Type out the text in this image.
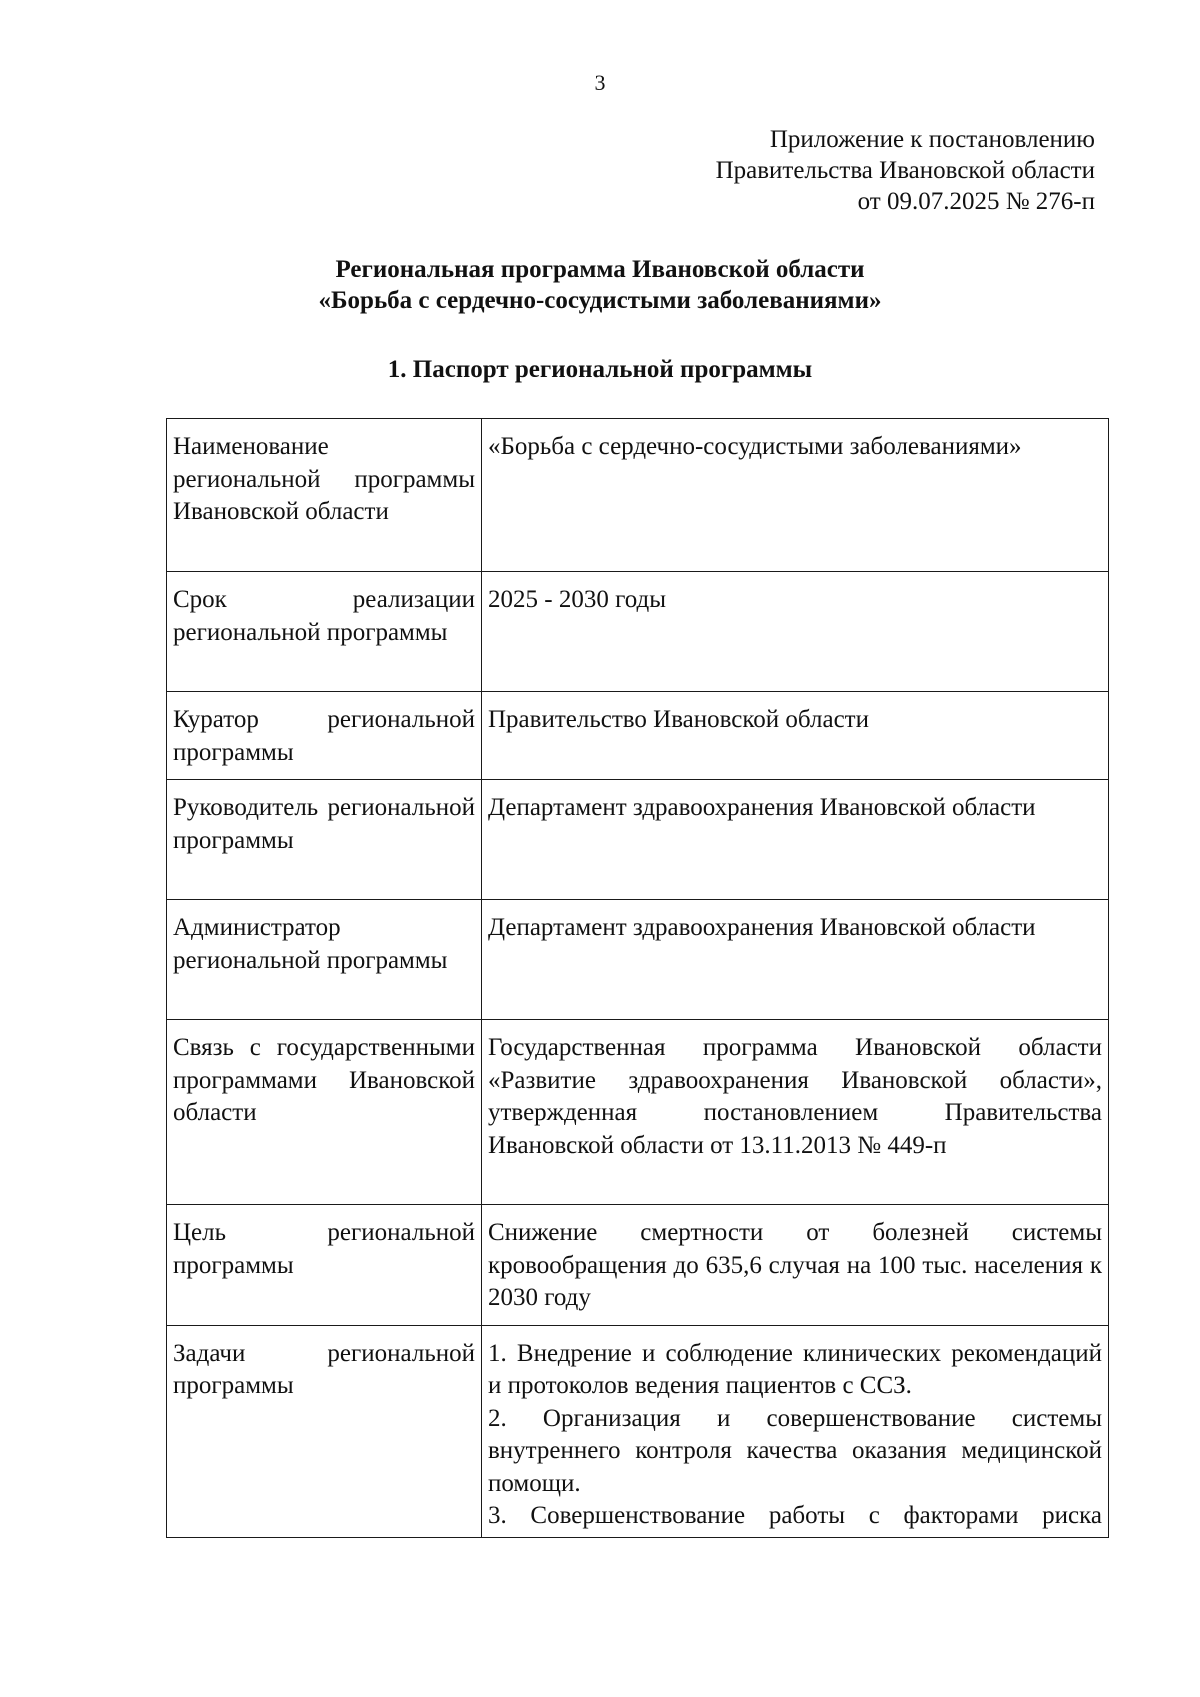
3
Приложение к постановлению
Правительства Ивановской области
от 09.07.2025 № 276-п
Региональная программа Ивановской области
«Борьба с сердечно-сосудистыми заболеваниями»
1. Паспорт региональной программы
Наименование региональной программы Ивановской области	«Борьба с сердечно-сосудистыми заболеваниями»
Срок реализации региональной программы	2025 - 2030 годы
Куратор региональной программы	Правительство Ивановской области
Руководитель региональной программы	Департамент здравоохранения Ивановской области
Администратор региональной программы	Департамент здравоохранения Ивановской области
Связь с государственными программами Ивановской области	Государственная программа Ивановской области «Развитие здравоохранения Ивановской области», утвержденная постановлением Правительства Ивановской области от 13.11.2013 № 449-п
Цель региональной программы	Снижение смертности от болезней системы кровообращения до 635,6 случая на 100 тыс. населения к 2030 году
Задачи региональной программы	1. Внедрение и соблюдение клинических рекомендаций и протоколов ведения пациентов с ССЗ.
2. Организация и совершенствование системы внутреннего контроля качества оказания медицинской помощи.
3. Совершенствование работы с факторами риска
